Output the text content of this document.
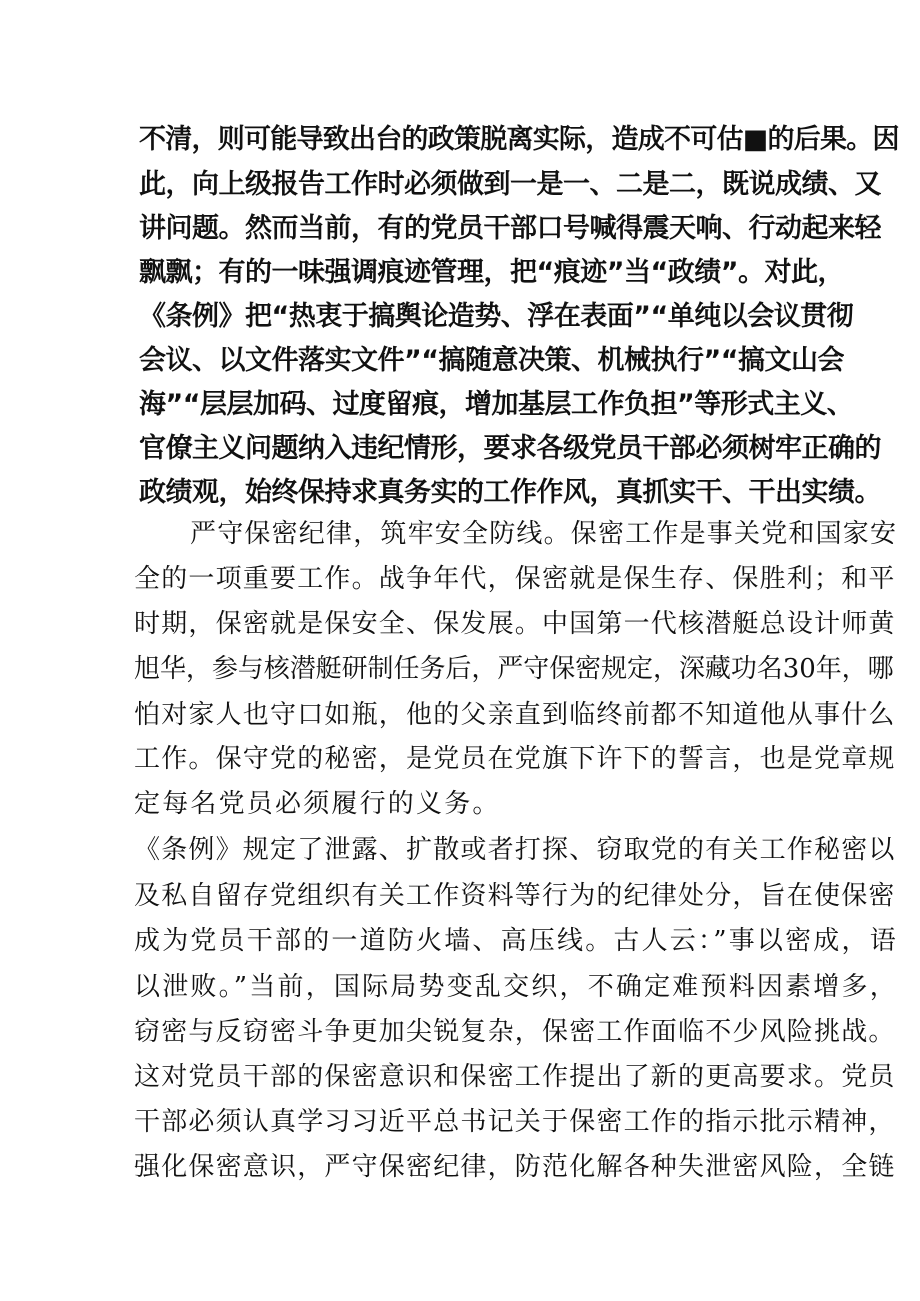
不清，则可能导致出台的政策脱离实际，造成不可估■的后果。因
此，向上级报告工作时必须做到一是一、二是二，既说成绩、又
讲问题。然而当前，有的党员干部口号喊得震天响、行动起来轻
飘飘；有的一味强调痕迹管理，把“痕迹”当“政绩”。对此，
《条例》把“热衷于搞舆论造势、浮在表面”“单纯以会议贯彻
会议、以文件落实文件”“搞随意决策、机械执行”“搞文山会
海”“层层加码、过度留痕，增加基层工作负担”等形式主义、
官僚主义问题纳入违纪情形，要求各级党员干部必须树牢正确的
政绩观，始终保持求真务实的工作作风，真抓实干、干出实绩。
严守保密纪律，筑牢安全防线。保密工作是事关党和国家安
全的一项重要工作。战争年代，保密就是保生存、保胜利；和平
时期，保密就是保安全、保发展。中国第一代核潜艇总设计师黄
旭华，参与核潜艇研制任务后，严守保密规定，深藏功名30年，哪
怕对家人也守口如瓶，他的父亲直到临终前都不知道他从事什么
工作。保守党的秘密，是党员在党旗下许下的誓言，也是党章规
定每名党员必须履行的义务。
《条例》规定了泄露、扩散或者打探、窃取党的有关工作秘密以
及私自留存党组织有关工作资料等行为的纪律处分，旨在使保密
成为党员干部的一道防火墙、高压线。古人云：”事以密成，语
以泄败。”当前，国际局势变乱交织，不确定难预料因素增多，
窃密与反窃密斗争更加尖锐复杂，保密工作面临不少风险挑战。
这对党员干部的保密意识和保密工作提出了新的更高要求。党员
干部必须认真学习习近平总书记关于保密工作的指示批示精神，
强化保密意识，严守保密纪律，防范化解各种失泄密风险，全链
